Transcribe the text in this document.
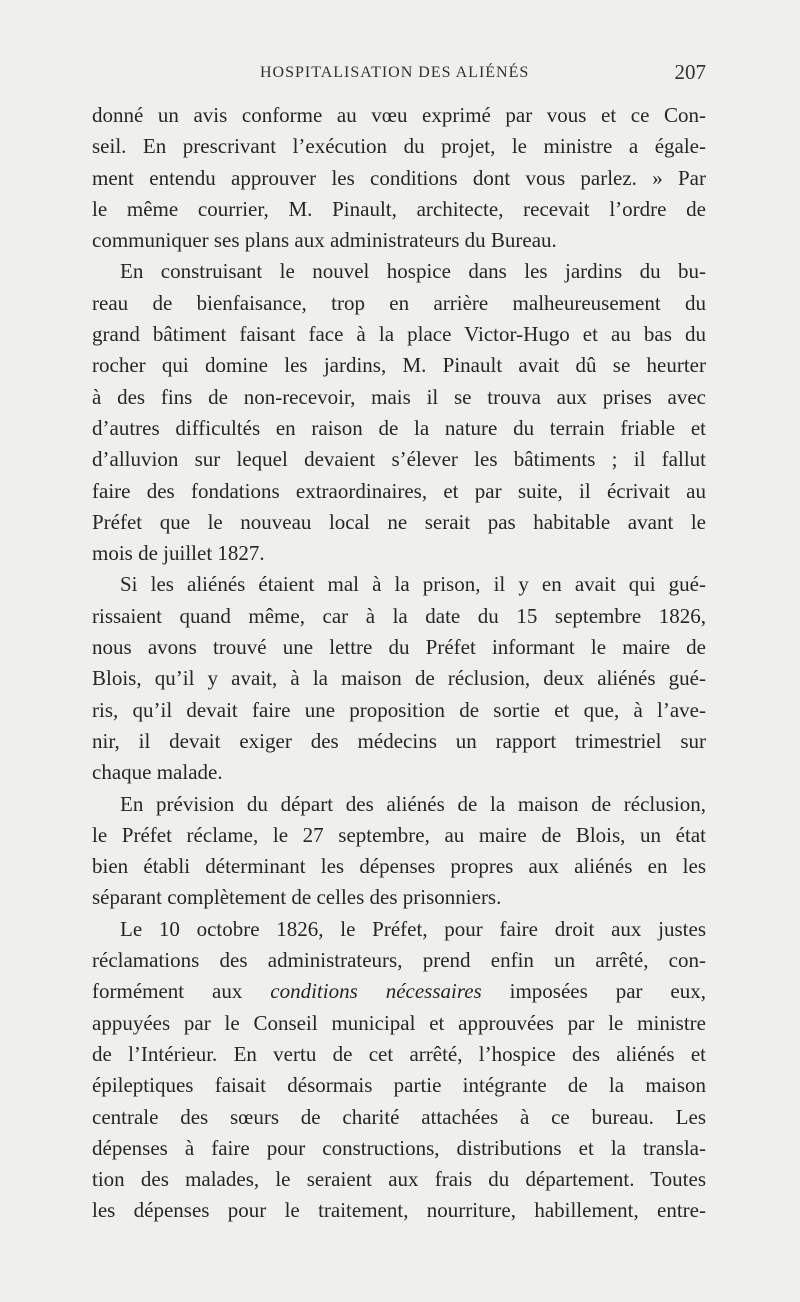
HOSPITALISATION DES ALIÉNÉS	207
donné un avis conforme au vœu exprimé par vous et ce Con-
seil. En prescrivant l’exécution du projet, le ministre a égale-
ment entendu approuver les conditions dont vous parlez. » Par
le même courrier, M. Pinault, architecte, recevait l’ordre de
communiquer ses plans aux administrateurs du Bureau.
En construisant le nouvel hospice dans les jardins du bu-
reau de bienfaisance, trop en arrière malheureusement du
grand bâtiment faisant face à la place Victor-Hugo et au bas du
rocher qui domine les jardins, M. Pinault avait dû se heurter
à des fins de non-recevoir, mais il se trouva aux prises avec
d’autres difficultés en raison de la nature du terrain friable et
d’alluvion sur lequel devaient s’élever les bâtiments ; il fallut
faire des fondations extraordinaires, et par suite, il écrivait au
Préfet que le nouveau local ne serait pas habitable avant le
mois de juillet 1827.
Si les aliénés étaient mal à la prison, il y en avait qui gué-
rissaient quand même, car à la date du 15 septembre 1826,
nous avons trouvé une lettre du Préfet informant le maire de
Blois, qu’il y avait, à la maison de réclusion, deux aliénés gué-
ris, qu’il devait faire une proposition de sortie et que, à l’ave-
nir, il devait exiger des médecins un rapport trimestriel sur
chaque malade.
En prévision du départ des aliénés de la maison de réclusion,
le Préfet réclame, le 27 septembre, au maire de Blois, un état
bien établi déterminant les dépenses propres aux aliénés en les
séparant complètement de celles des prisonniers.
Le 10 octobre 1826, le Préfet, pour faire droit aux justes
réclamations des administrateurs, prend enfin un arrêté, con-
formément aux conditions nécessaires imposées par eux,
appuyées par le Conseil municipal et approuvées par le ministre
de l’Intérieur. En vertu de cet arrêté, l’hospice des aliénés et
épileptiques faisait désormais partie intégrante de la maison
centrale des sœurs de charité attachées à ce bureau. Les
dépenses à faire pour constructions, distributions et la transla-
tion des malades, le seraient aux frais du département. Toutes
les dépenses pour le traitement, nourriture, habillement, entre-
